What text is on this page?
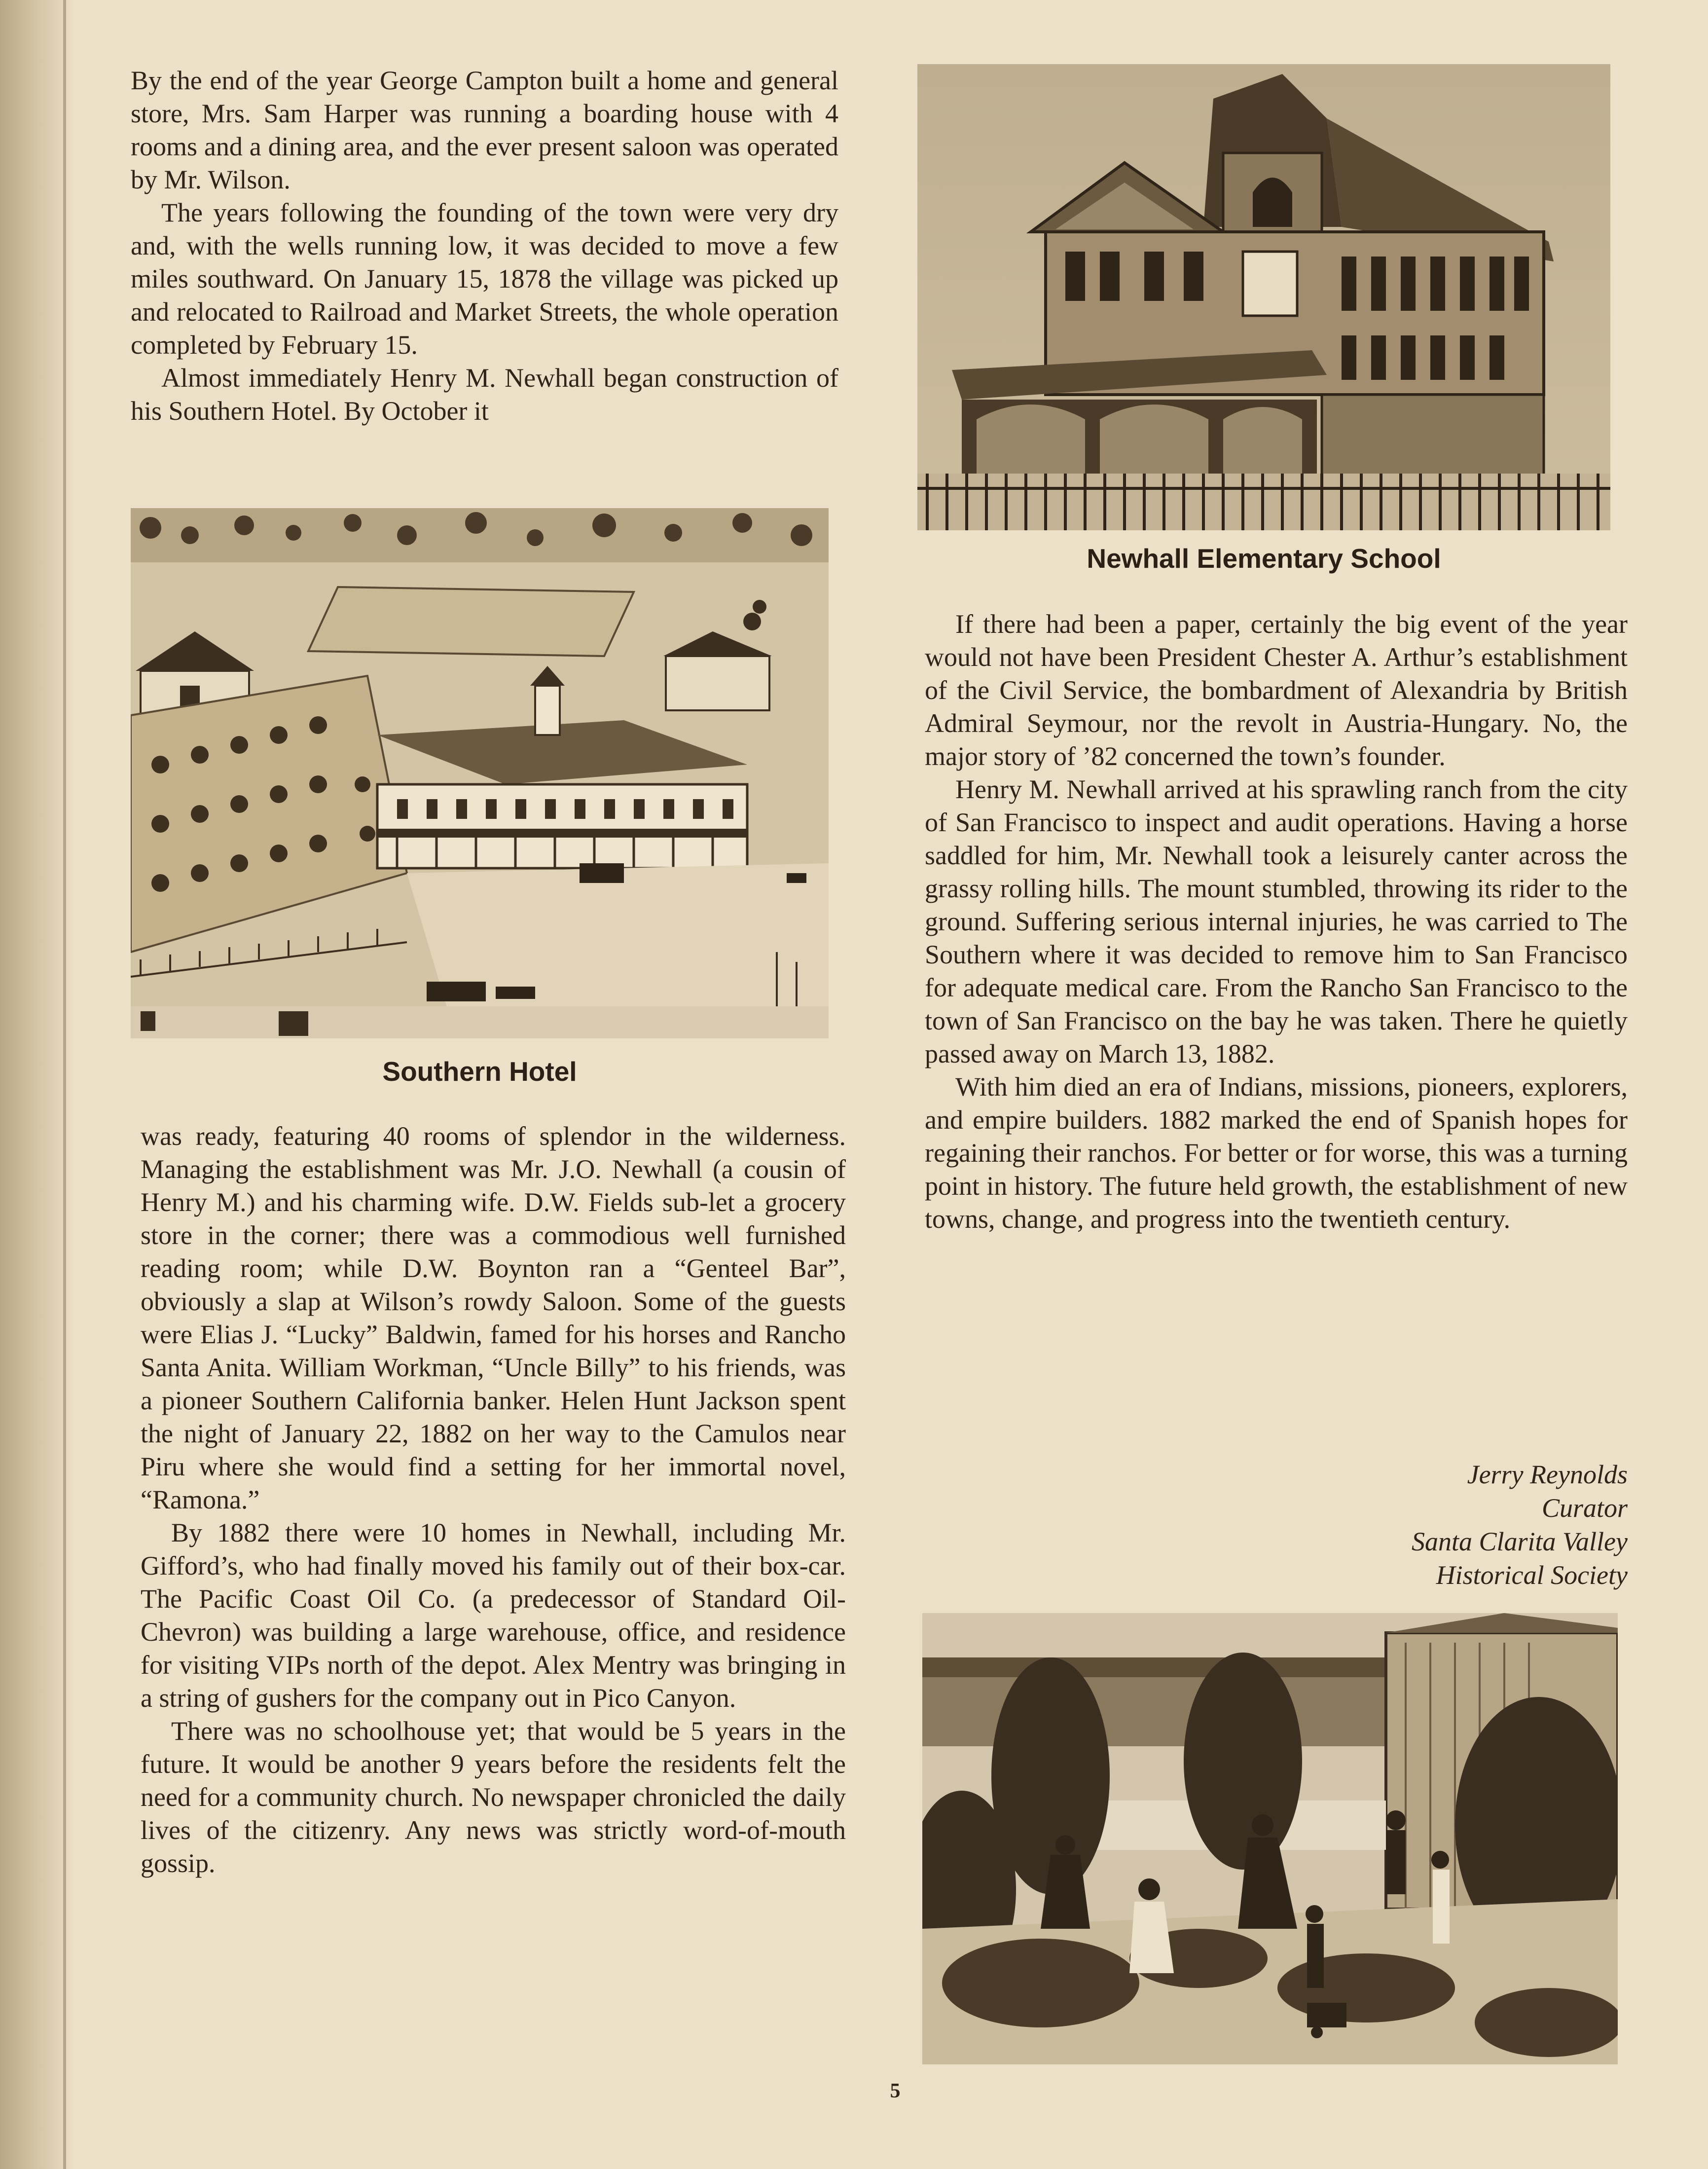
By the end of the year George Campton built a home and general store, Mrs. Sam Harper was running a boarding house with 4 rooms and a dining area, and the ever present saloon was operated by Mr. Wilson.

The years following the founding of the town were very dry and, with the wells running low, it was decided to move a few miles southward. On January 15, 1878 the village was picked up and relocated to Railroad and Market Streets, the whole operation completed by February 15.

Almost immediately Henry M. Newhall began construction of his Southern Hotel. By October it

Southern Hotel

was ready, featuring 40 rooms of splendor in the wilderness. Managing the establishment was Mr. J.O. Newhall (a cousin of Henry M.) and his charming wife. D.W. Fields sub-let a grocery store in the corner; there was a commodious well furnished reading room; while D.W. Boynton ran a “Genteel Bar”, obviously a slap at Wilson’s rowdy Saloon. Some of the guests were Elias J. “Lucky” Baldwin, famed for his horses and Rancho Santa Anita. William Workman, “Uncle Billy” to his friends, was a pioneer Southern California banker. Helen Hunt Jackson spent the night of January 22, 1882 on her way to the Camulos near Piru where she would find a setting for her immortal novel, “Ramona.”

By 1882 there were 10 homes in Newhall, including Mr. Gifford’s, who had finally moved his family out of their box-car. The Pacific Coast Oil Co. (a predecessor of Standard Oil-Chevron) was building a large warehouse, office, and residence for visiting VIPs north of the depot. Alex Mentry was bringing in a string of gushers for the company out in Pico Canyon.

There was no schoolhouse yet; that would be 5 years in the future. It would be another 9 years before the residents felt the need for a community church. No newspaper chronicled the daily lives of the citizenry. Any news was strictly word-of-mouth gossip.

Newhall Elementary School

If there had been a paper, certainly the big event of the year would not have been President Chester A. Arthur’s establishment of the Civil Service, the bombardment of Alexandria by British Admiral Seymour, nor the revolt in Austria-Hungary. No, the major story of ’82 concerned the town’s founder.

Henry M. Newhall arrived at his sprawling ranch from the city of San Francisco to inspect and audit operations. Having a horse saddled for him, Mr. Newhall took a leisurely canter across the grassy rolling hills. The mount stumbled, throwing its rider to the ground. Suffering serious internal injuries, he was carried to The Southern where it was decided to remove him to San Francisco for adequate medical care. From the Rancho San Francisco to the town of San Francisco on the bay he was taken. There he quietly passed away on March 13, 1882.

With him died an era of Indians, missions, pioneers, explorers, and empire builders. 1882 marked the end of Spanish hopes for regaining their ranchos. For better or for worse, this was a turning point in history. The future held growth, the establishment of new towns, change, and progress into the twentieth century.

Jerry Reynolds
Curator
Santa Clarita Valley
Historical Society
5
